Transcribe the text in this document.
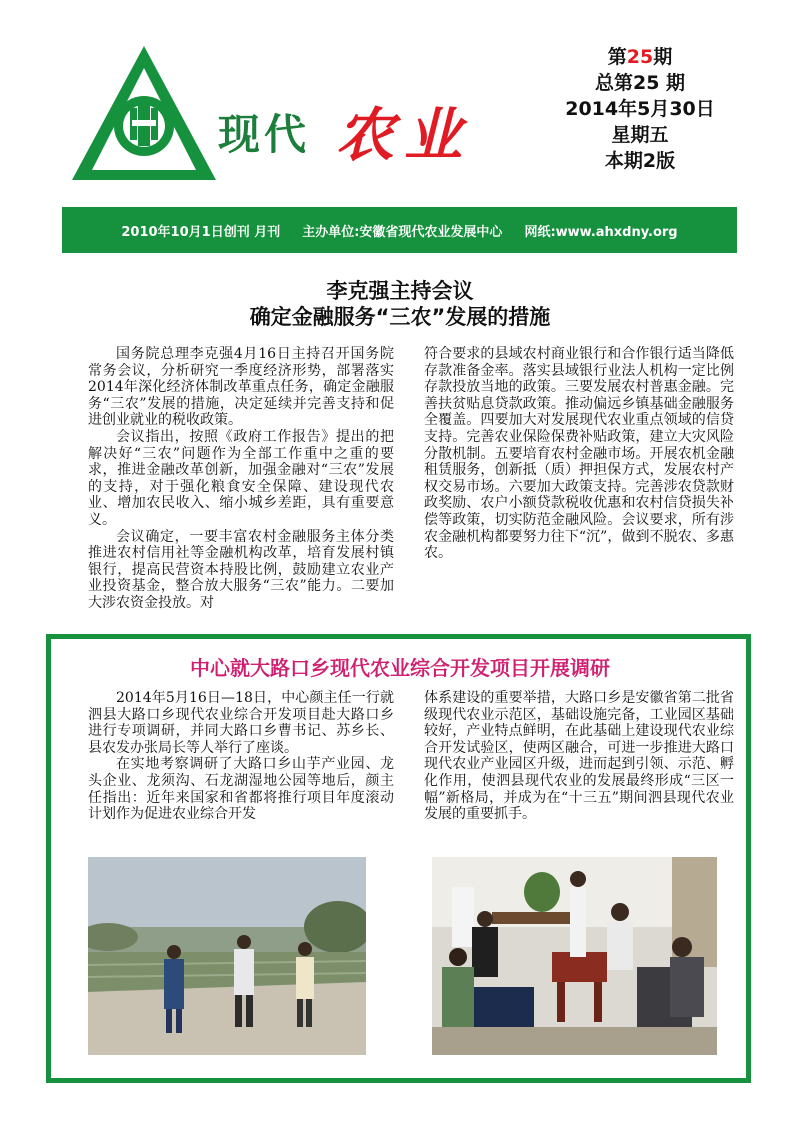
现代 农业
第25期
总第25 期
2014年5月30日
星期五
本期2版
2010年10月1日创刊 月刊 主办单位:安徽省现代农业发展中心 网纸:www.ahxdny.org
李克强主持会议
确定金融服务“三农”发展的措施

国务院总理李克强4月16日主持召开国务院常务会议，分析研究一季度经济形势，部署落实2014年深化经济体制改革重点任务，确定金融服务“三农”发展的措施，决定延续并完善支持和促进创业就业的税收政策。

会议指出，按照《政府工作报告》提出的把解决好“三农”问题作为全部工作重中之重的要求，推进金融改革创新，加强金融对“三农”发展的支持，对于强化粮食安全保障、建设现代农业、增加农民收入、缩小城乡差距，具有重要意义。

会议确定，一要丰富农村金融服务主体分类推进农村信用社等金融机构改革，培育发展村镇银行，提高民营资本持股比例，鼓励建立农业产业投资基金，整合放大服务“三农”能力。二要加大涉农资金投放。对

符合要求的县域农村商业银行和合作银行适当降低存款准备金率。落实县域银行业法人机构一定比例存款投放当地的政策。三要发展农村普惠金融。完善扶贫贴息贷款政策。推动偏远乡镇基础金融服务全覆盖。四要加大对发展现代农业重点领域的信贷支持。完善农业保险保费补贴政策，建立大灾风险分散机制。五要培育农村金融市场。开展农机金融租赁服务，创新抵（质）押担保方式，发展农村产权交易市场。六要加大政策支持。完善涉农贷款财政奖励、农户小额贷款税收优惠和农村信贷损失补偿等政策，切实防范金融风险。会议要求，所有涉农金融机构都要努力往下“沉”，做到不脱农、多惠农。

中心就大路口乡现代农业综合开发项目开展调研

2014年5月16日—18日，中心颜主任一行就泗县大路口乡现代农业综合开发项目赴大路口乡进行专项调研，并同大路口乡曹书记、苏乡长、县农发办张局长等人举行了座谈。

在实地考察调研了大路口乡山芋产业园、龙头企业、龙须沟、石龙湖湿地公园等地后，颜主任指出：近年来国家和省都将推行项目年度滚动计划作为促进农业综合开发

体系建设的重要举措，大路口乡是安徽省第二批省级现代农业示范区，基础设施完备，工业园区基础较好，产业特点鲜明，在此基础上建设现代农业综合开发试验区，使两区融合，可进一步推进大路口现代农业产业园区升级，进而起到引领、示范、孵化作用，使泗县现代农业的发展最终形成“三区一幅”新格局，并成为在“十三五”期间泗县现代农业发展的重要抓手。
